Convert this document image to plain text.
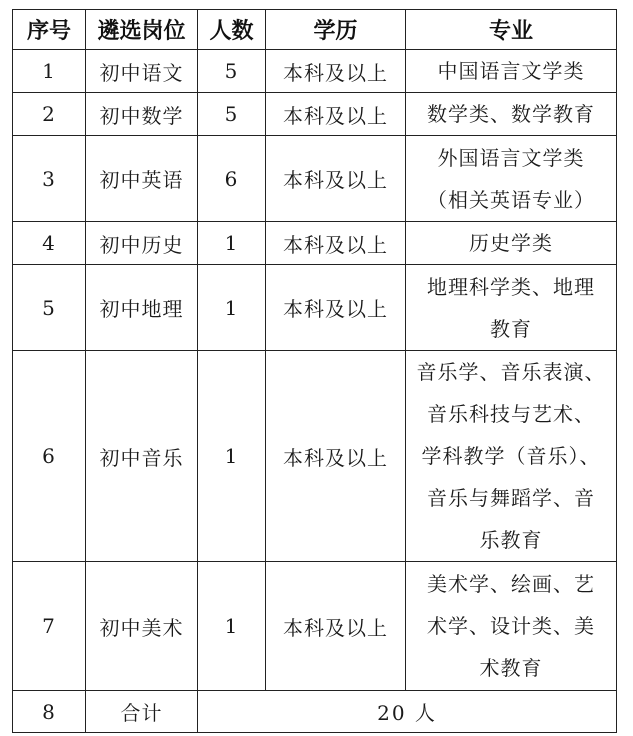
序号	遴选岗位	人数	学历	专业
1	初中语文	5	本科及以上	中国语言文学类

2	初中数学	5	本科及以上	数学类、数学教育

3	初中英语	6	本科及以上	外国语言文学类
（相关英语专业）

4	初中历史	1	本科及以上	历史学类

5	初中地理	1	本科及以上	地理科学类、地理
教育

6	初中音乐	1	本科及以上	音乐学、音乐表演、
音乐科技与艺术、
学科教学（音乐）、
音乐与舞蹈学、音
乐教育

7	初中美术	1	本科及以上	美术学、绘画、艺
术学、设计类、美
术教育

8	合计	20 人		
